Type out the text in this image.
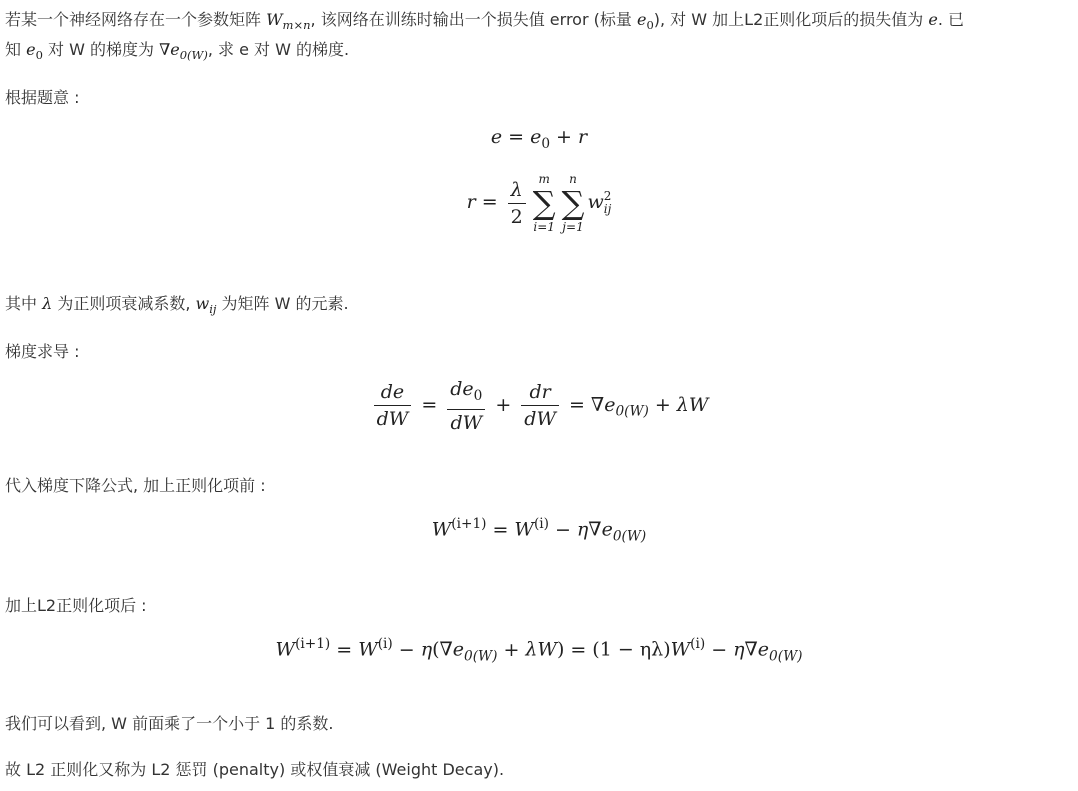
若某一个神经网络存在一个参数矩阵 $W_{m\times n}$, 该网络在训练时输出一个损失值 error (标量 $e_0$), 对 W 加上L2正则化项后的损失值为 e. 已
知 $e_0$ 对 W 的梯度为 $\nabla e_{0(W)}$, 求 e 对 W 的梯度.
根据题意 :
$e = e_0 + r$
$r = \frac{\lambda}{2}$ m
∑
i=1
n
∑
j=1
w 2
ij
其中 λ 为正则项衰减系数, $w_{ij}$ 为矩阵 W 的元素.
梯度求导 :
$\frac{de}{dW} = \frac{de_0}{dW} + \frac{dr}{dW} = \nabla e_{0(W)} + \lambda W$
代入梯度下降公式, 加上正则化项前 :
$W^{(i+1)} = W^{(i)} - \eta\nabla e_{0(W)}$
加上L2正则化项后 :
$W^{(i+1)} = W^{(i)} - \eta(\nabla e_{0(W)} + \lambda W) = (1 - \eta\lambda)W^{(i)} - \eta\nabla e_{0(W)}$
我们可以看到, W 前面乘了一个小于 1 的系数.
故 L2 正则化又称为 L2 惩罚 (penalty) 或权值衰减 (Weight Decay).
